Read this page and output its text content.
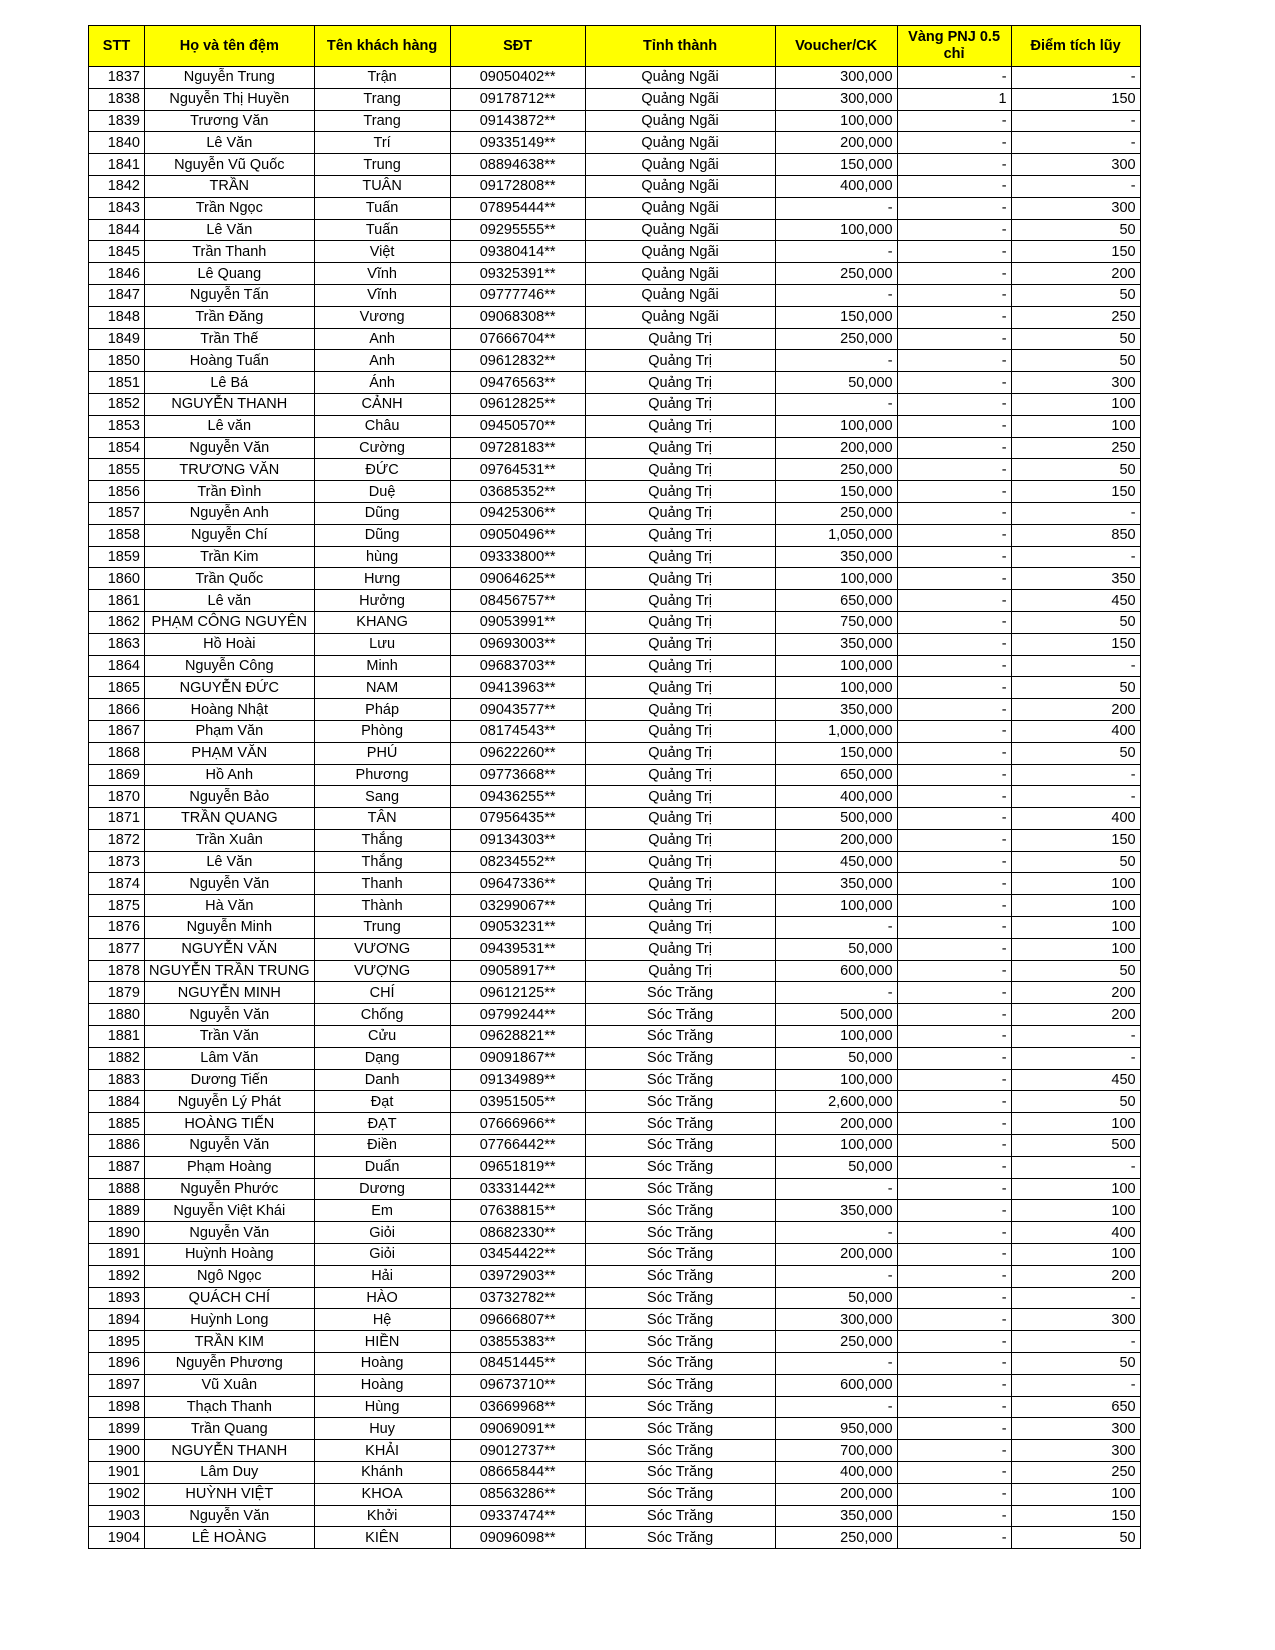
STT	Họ và tên đệm	Tên khách hàng	SĐT	Tỉnh thành	Voucher/CK	Vàng PNJ 0.5 chỉ	Điểm tích lũy
1837	Nguyễn Trung	Trận	09050402**	Quảng Ngãi	300,000	-	-
1838	Nguyễn Thị Huyền	Trang	09178712**	Quảng Ngãi	300,000	1	150
1839	Trương Văn	Trang	09143872**	Quảng Ngãi	100,000	-	-
1840	Lê Văn	Trí	09335149**	Quảng Ngãi	200,000	-	-
1841	Nguyễn Vũ Quốc	Trung	08894638**	Quảng Ngãi	150,000	-	300
1842	TRẦN	TUÂN	09172808**	Quảng Ngãi	400,000	-	-
1843	Trần Ngọc	Tuấn	07895444**	Quảng Ngãi	-	-	300
1844	Lê Văn	Tuấn	09295555**	Quảng Ngãi	100,000	-	50
1845	Trần Thanh	Việt	09380414**	Quảng Ngãi	-	-	150
1846	Lê Quang	Vĩnh	09325391**	Quảng Ngãi	250,000	-	200
1847	Nguyễn Tấn	Vĩnh	09777746**	Quảng Ngãi	-	-	50
1848	Trần Đăng	Vương	09068308**	Quảng Ngãi	150,000	-	250
1849	Trần Thế	Anh	07666704**	Quảng Trị	250,000	-	50
1850	Hoàng Tuấn	Anh	09612832**	Quảng Trị	-	-	50
1851	Lê Bá	Ánh	09476563**	Quảng Trị	50,000	-	300
1852	NGUYỄN THANH	CẢNH	09612825**	Quảng Trị	-	-	100
1853	Lê văn	Châu	09450570**	Quảng Trị	100,000	-	100
1854	Nguyễn Văn	Cường	09728183**	Quảng Trị	200,000	-	250
1855	TRƯƠNG VĂN	ĐỨC	09764531**	Quảng Trị	250,000	-	50
1856	Trần Đình	Duệ	03685352**	Quảng Trị	150,000	-	150
1857	Nguyễn Anh	Dũng	09425306**	Quảng Trị	250,000	-	-
1858	Nguyễn Chí	Dũng	09050496**	Quảng Trị	1,050,000	-	850
1859	Trần Kim	hùng	09333800**	Quảng Trị	350,000	-	-
1860	Trần Quốc	Hưng	09064625**	Quảng Trị	100,000	-	350
1861	Lê văn	Hưởng	08456757**	Quảng Trị	650,000	-	450
1862	PHẠM CÔNG NGUYÊN	KHANG	09053991**	Quảng Trị	750,000	-	50
1863	Hồ Hoài	Lưu	09693003**	Quảng Trị	350,000	-	150
1864	Nguyễn Công	Minh	09683703**	Quảng Trị	100,000	-	-
1865	NGUYỄN ĐỨC	NAM	09413963**	Quảng Trị	100,000	-	50
1866	Hoàng Nhật	Pháp	09043577**	Quảng Trị	350,000	-	200
1867	Phạm Văn	Phòng	08174543**	Quảng Trị	1,000,000	-	400
1868	PHẠM VĂN	PHÚ	09622260**	Quảng Trị	150,000	-	50
1869	Hồ Anh	Phương	09773668**	Quảng Trị	650,000	-	-
1870	Nguyễn Bảo	Sang	09436255**	Quảng Trị	400,000	-	-
1871	TRẦN QUANG	TÂN	07956435**	Quảng Trị	500,000	-	400
1872	Trần Xuân	Thắng	09134303**	Quảng Trị	200,000	-	150
1873	Lê Văn	Thắng	08234552**	Quảng Trị	450,000	-	50
1874	Nguyễn Văn	Thanh	09647336**	Quảng Trị	350,000	-	100
1875	Hà Văn	Thành	03299067**	Quảng Trị	100,000	-	100
1876	Nguyễn Minh	Trung	09053231**	Quảng Trị	-	-	100
1877	NGUYỄN VĂN	VƯƠNG	09439531**	Quảng Trị	50,000	-	100
1878	NGUYỄN TRẦN TRUNG	VƯỢNG	09058917**	Quảng Trị	600,000	-	50
1879	NGUYỄN MINH	CHÍ	09612125**	Sóc Trăng	-	-	200
1880	Nguyễn Văn	Chống	09799244**	Sóc Trăng	500,000	-	200
1881	Trần Văn	Cửu	09628821**	Sóc Trăng	100,000	-	-
1882	Lâm Văn	Dạng	09091867**	Sóc Trăng	50,000	-	-
1883	Dương Tiến	Danh	09134989**	Sóc Trăng	100,000	-	450
1884	Nguyễn Lý Phát	Đạt	03951505**	Sóc Trăng	2,600,000	-	50
1885	HOÀNG TIẾN	ĐẠT	07666966**	Sóc Trăng	200,000	-	100
1886	Nguyễn Văn	Điền	07766442**	Sóc Trăng	100,000	-	500
1887	Phạm Hoàng	Duẩn	09651819**	Sóc Trăng	50,000	-	-
1888	Nguyễn Phước	Dương	03331442**	Sóc Trăng	-	-	100
1889	Nguyễn Việt Khái	Em	07638815**	Sóc Trăng	350,000	-	100
1890	Nguyễn Văn	Giỏi	08682330**	Sóc Trăng	-	-	400
1891	Huỳnh Hoàng	Giỏi	03454422**	Sóc Trăng	200,000	-	100
1892	Ngô Ngọc	Hải	03972903**	Sóc Trăng	-	-	200
1893	QUÁCH CHÍ	HÀO	03732782**	Sóc Trăng	50,000	-	-
1894	Huỳnh Long	Hệ	09666807**	Sóc Trăng	300,000	-	300
1895	TRẦN KIM	HIỀN	03855383**	Sóc Trăng	250,000	-	-
1896	Nguyễn Phương	Hoàng	08451445**	Sóc Trăng	-	-	50
1897	Vũ Xuân	Hoàng	09673710**	Sóc Trăng	600,000	-	-
1898	Thạch Thanh	Hùng	03669968**	Sóc Trăng	-	-	650
1899	Trần Quang	Huy	09069091**	Sóc Trăng	950,000	-	300
1900	NGUYỄN THANH	KHẢI	09012737**	Sóc Trăng	700,000	-	300
1901	Lâm Duy	Khánh	08665844**	Sóc Trăng	400,000	-	250
1902	HUỲNH VIỆT	KHOA	08563286**	Sóc Trăng	200,000	-	100
1903	Nguyễn Văn	Khởi	09337474**	Sóc Trăng	350,000	-	150
1904	LÊ HOÀNG	KIÊN	09096098**	Sóc Trăng	250,000	-	50
